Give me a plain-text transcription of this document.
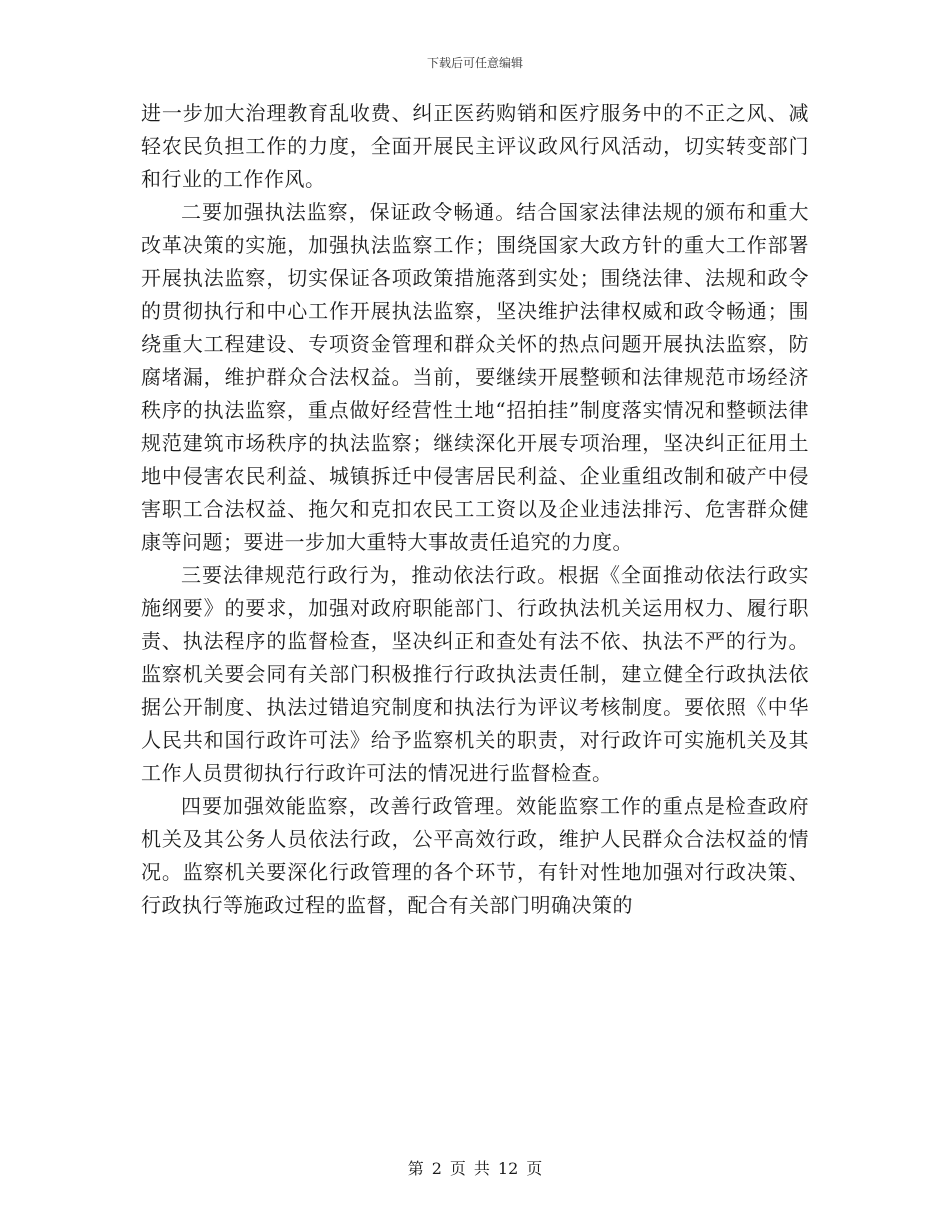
下载后可任意编辑

进一步加大治理教育乱收费、纠正医药购销和医疗服务中的不正之风、减轻农民负担工作的力度，全面开展民主评议政风行风活动，切实转变部门和行业的工作作风。

二要加强执法监察，保证政令畅通。结合国家法律法规的颁布和重大改革决策的实施，加强执法监察工作；围绕国家大政方针的重大工作部署开展执法监察，切实保证各项政策措施落到实处；围绕法律、法规和政令的贯彻执行和中心工作开展执法监察，坚决维护法律权威和政令畅通；围绕重大工程建设、专项资金管理和群众关怀的热点问题开展执法监察，防腐堵漏，维护群众合法权益。当前，要继续开展整顿和法律规范市场经济秩序的执法监察，重点做好经营性土地“招拍挂”制度落实情况和整顿法律规范建筑市场秩序的执法监察；继续深化开展专项治理，坚决纠正征用土地中侵害农民利益、城镇拆迁中侵害居民利益、企业重组改制和破产中侵害职工合法权益、拖欠和克扣农民工工资以及企业违法排污、危害群众健康等问题；要进一步加大重特大事故责任追究的力度。

三要法律规范行政行为，推动依法行政。根据《全面推动依法行政实施纲要》的要求，加强对政府职能部门、行政执法机关运用权力、履行职责、执法程序的监督检查，坚决纠正和查处有法不依、执法不严的行为。监察机关要会同有关部门积极推行行政执法责任制，建立健全行政执法依据公开制度、执法过错追究制度和执法行为评议考核制度。要依照《中华人民共和国行政许可法》给予监察机关的职责，对行政许可实施机关及其工作人员贯彻执行行政许可法的情况进行监督检查。

四要加强效能监察，改善行政管理。效能监察工作的重点是检查政府机关及其公务人员依法行政，公平高效行政，维护人民群众合法权益的情况。监察机关要深化行政管理的各个环节，有针对性地加强对行政决策、行政执行等施政过程的监督，配合有关部门明确决策的

第 2 页 共 12 页
